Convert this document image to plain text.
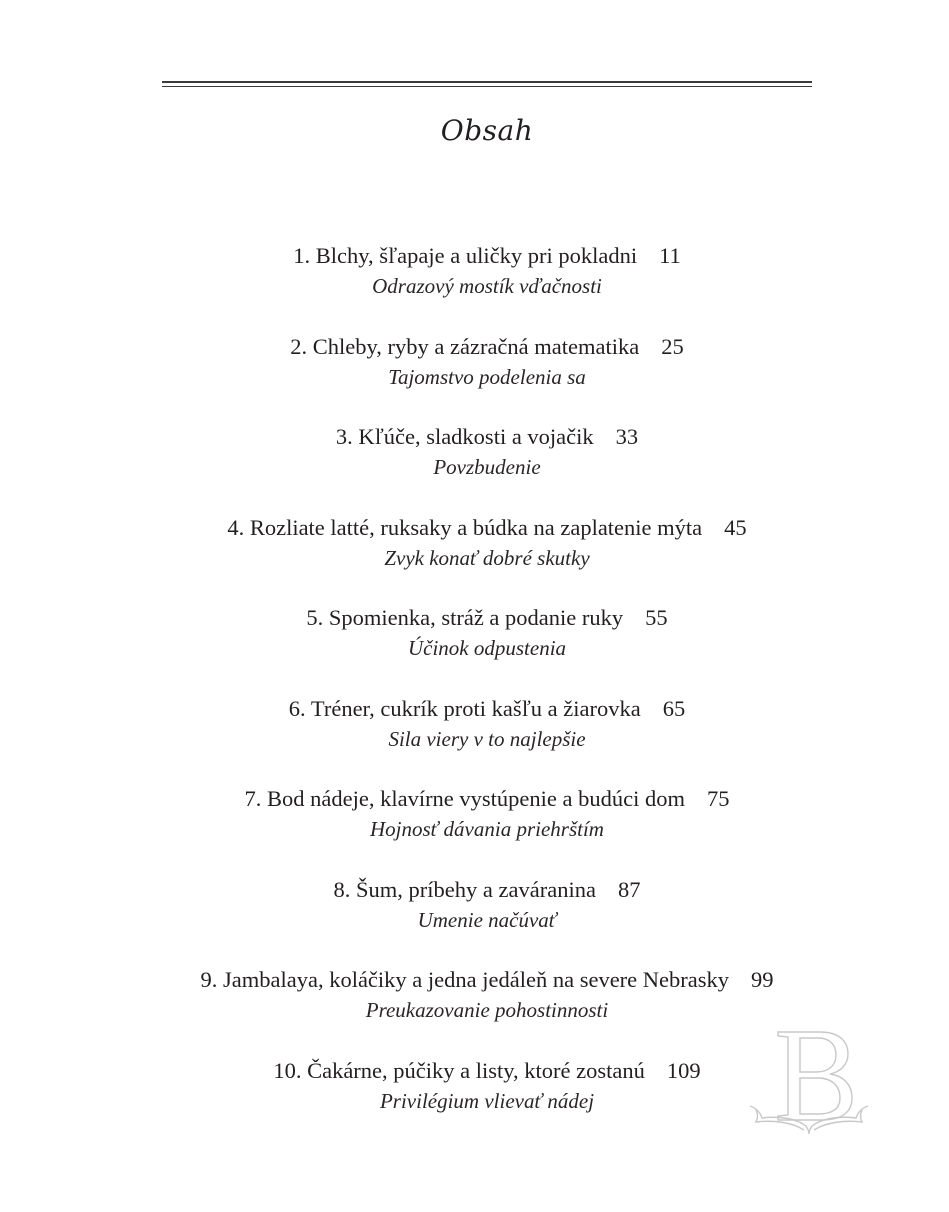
Obsah
1. Blchy, šľapaje a uličky pri pokladni 11
Odrazový mostík vďačnosti
2. Chleby, ryby a zázračná matematika 25
Tajomstvo podelenia sa
3. Kľúče, sladkosti a vojačik 33
Povzbudenie
4. Rozliate latté, ruksaky a búdka na zaplatenie mýta 45
Zvyk konať dobré skutky
5. Spomienka, stráž a podanie ruky 55
Účinok odpustenia
6. Tréner, cukrík proti kašľu a žiarovka 65
Sila viery v to najlepšie
7. Bod nádeje, klavírne vystúpenie a budúci dom 75
Hojnosť dávania priehrštím
8. Šum, príbehy a zaváranina 87
Umenie načúvať
9. Jambalaya, koláčiky a jedna jedáleň na severe Nebrasky 99
Preukazovanie pohostinnosti
10. Čakárne, púčiky a listy, ktoré zostanú 109
Privilégium vlievať nádej
